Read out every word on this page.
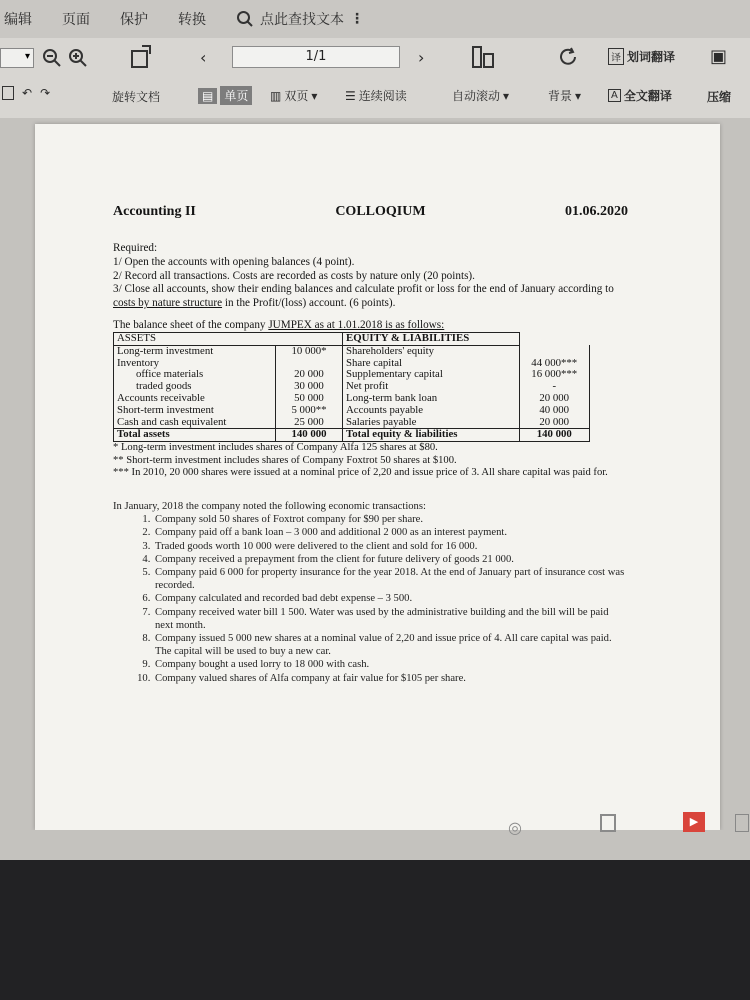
编辑 页面 保护 转换	点此查找文本 ⋮
▾
↶ ↷	旋转文档
‹	1/1	›
▤ 单页	▥ 双页 ▾ ☰ 连续阅读	自动滚动 ▾	背景 ▾
译 划词翻译
A 全文翻译
▣
压缩
Accounting II	COLLOQIUM	01.06.2020
Required:
1/ Open the accounts with opening balances (4 point).
2/ Record all transactions. Costs are recorded as costs by nature only (20 points).
3/ Close all accounts, show their ending balances and calculate profit or loss for the end of January according to costs by nature structure in the Profit/(loss) account. (6 points).
The balance sheet of the company JUMPEX as at 1.01.2018 is as follows:
ASSETS		EQUITY & LIABILITIES	
Long-term investment	10 000*	Shareholders' equity	
Inventory		Share capital	44 000***
office materials	20 000	Supplementary capital	16 000***
traded goods	30 000	Net profit	-
Accounts receivable	50 000	Long-term bank loan	20 000
Short-term investment	5 000**	Accounts payable	40 000
Cash and cash equivalent	25 000	Salaries payable	20 000
Total assets	140 000	Total equity & liabilities	140 000
* Long-term investment includes shares of Company Alfa 125 shares at $80.
** Short-term investment includes shares of Company Foxtrot 50 shares at $100.
*** In 2010, 20 000 shares were issued at a nominal price of 2,20 and issue price of 3. All share capital was paid for.
In January, 2018 the company noted the following economic transactions:
1. Company sold 50 shares of Foxtrot company for $90 per share.
2. Company paid off a bank loan – 3 000 and additional 2 000 as an interest payment.
3. Traded goods worth 10 000 were delivered to the client and sold for 16 000.
4. Company received a prepayment from the client for future delivery of goods 21 000.
5. Company paid 6 000 for property insurance for the year 2018. At the end of January part of insurance cost was recorded.
6. Company calculated and recorded bad debt expense – 3 500.
7. Company received water bill 1 500. Water was used by the administrative building and the bill will be paid next month.
8. Company issued 5 000 new shares at a nominal value of 2,20 and issue price of 4. All care capital was paid. The capital will be used to buy a new car.
9. Company bought a used lorry to 18 000 with cash.
10. Company valued shares of Alfa company at fair value for $105 per share.
◎	▶
